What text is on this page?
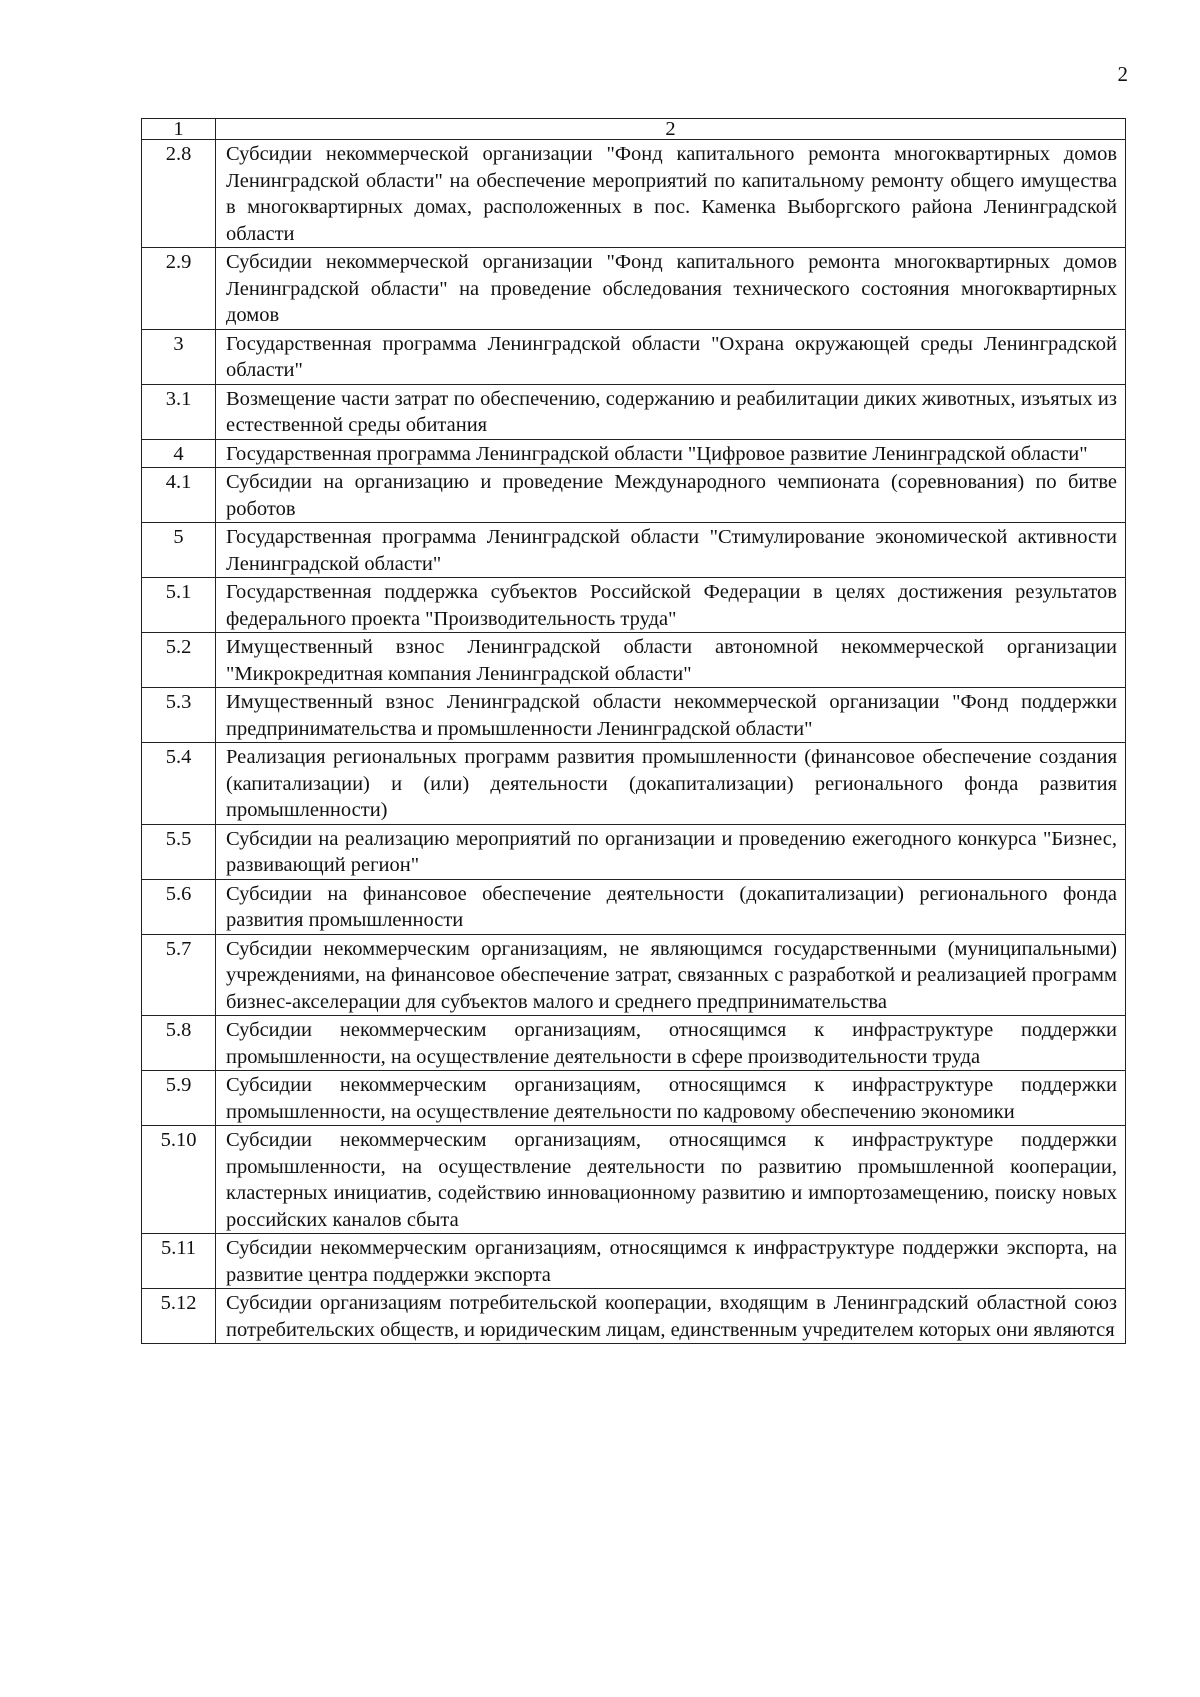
2
1	2
2.8	Субсидии некоммерческой организации "Фонд капитального ремонта многоквартирных домов Ленинградской области" на обеспечение мероприятий по капитальному ремонту общего имущества в многоквартирных домах, расположенных в пос. Каменка Выборгского района Ленинградской области
2.9	Субсидии некоммерческой организации "Фонд капитального ремонта многоквартирных домов Ленинградской области" на проведение обследования технического состояния многоквартирных домов
3	Государственная программа Ленинградской области "Охрана окружающей среды Ленинградской области"
3.1	Возмещение части затрат по обеспечению, содержанию и реабилитации диких животных, изъятых из естественной среды обитания
4	Государственная программа Ленинградской области "Цифровое развитие Ленинградской области"
4.1	Субсидии на организацию и проведение Международного чемпионата (соревнования) по битве роботов
5	Государственная программа Ленинградской области "Стимулирование экономической активности Ленинградской области"
5.1	Государственная поддержка субъектов Российской Федерации в целях достижения результатов федерального проекта "Производительность труда"
5.2	Имущественный взнос Ленинградской области автономной некоммерческой организации "Микрокредитная компания Ленинградской области"
5.3	Имущественный взнос Ленинградской области некоммерческой организации "Фонд поддержки предпринимательства и промышленности Ленинградской области"
5.4	Реализация региональных программ развития промышленности (финансовое обеспечение создания (капитализации) и (или) деятельности (докапитализации) регионального фонда развития промышленности)
5.5	Субсидии на реализацию мероприятий по организации и проведению ежегодного конкурса "Бизнес, развивающий регион"
5.6	Субсидии на финансовое обеспечение деятельности (докапитализации) регионального фонда развития промышленности
5.7	Субсидии некоммерческим организациям, не являющимся государственными (муниципальными) учреждениями, на финансовое обеспечение затрат, связанных с разработкой и реализацией программ бизнес-акселерации для субъектов малого и среднего предпринимательства
5.8	Субсидии некоммерческим организациям, относящимся к инфраструктуре поддержки промышленности, на осуществление деятельности в сфере производительности труда
5.9	Субсидии некоммерческим организациям, относящимся к инфраструктуре поддержки промышленности, на осуществление деятельности по кадровому обеспечению экономики
5.10	Субсидии некоммерческим организациям, относящимся к инфраструктуре поддержки промышленности, на осуществление деятельности по развитию промышленной кооперации, кластерных инициатив, содействию инновационному развитию и импортозамещению, поиску новых российских каналов сбыта
5.11	Субсидии некоммерческим организациям, относящимся к инфраструктуре поддержки экспорта, на развитие центра поддержки экспорта
5.12	Субсидии организациям потребительской кооперации, входящим в Ленинградский областной союз потребительских обществ, и юридическим лицам, единственным учредителем которых они являются
